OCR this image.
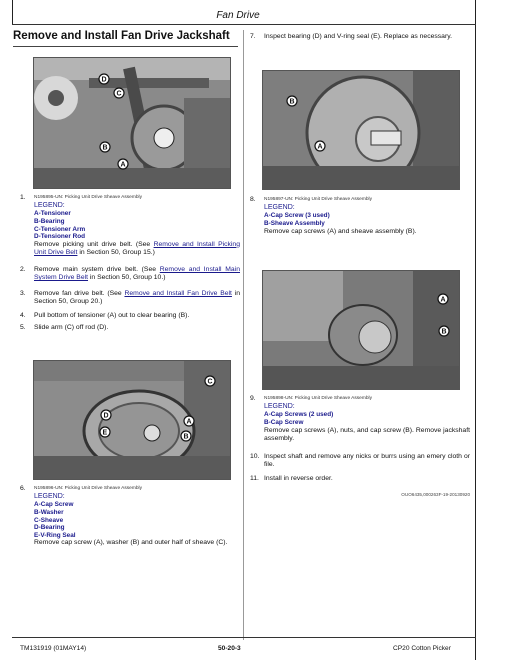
Fan Drive
Remove and Install Fan Drive Jackshaft
D
C
B
A
1. N195895-UN: Picking Unit Drive Sheave Assembly
LEGEND:
A-Tensioner
B-Bearing
C-Tensioner Arm
D-Tensioner Rod
Remove picking unit drive belt. (See Remove and Install Picking Unit Drive Belt in Section 50, Group 15.)
2. Remove main system drive belt. (See Remove and Install Main System Drive Belt in Section 50, Group 10.)
3. Remove fan drive belt. (See Remove and Install Fan Drive Belt in Section 50, Group 20.)
4. Pull bottom of tensioner (A) out to clear bearing (B).
5. Slide arm (C) off rod (D).
C
D
E
A
B
6. N195896-UN: Picking Unit Drive Sheave Assembly
LEGEND:
A-Cap Screw
B-Washer
C-Sheave
D-Bearing
E-V-Ring Seal
Remove cap screw (A), washer (B) and outer half of sheave (C).
7. Inspect bearing (D) and V-ring seal (E). Replace as necessary.
B
A
8. N195897-UN: Picking Unit Drive Sheave Assembly
LEGEND:
A-Cap Screw (3 used)
B-Sheave Assembly
Remove cap screws (A) and sheave assembly (B).
A
B
9. N195898-UN: Picking Unit Drive Sheave Assembly
LEGEND:
A-Cap Screws (2 used)
B-Cap Screw
Remove cap screws (A), nuts, and cap screw (B). Remove jackshaft assembly.
10. Inspect shaft and remove any nicks or burrs using an emery cloth or file.
11. Install in reverse order.
OUO6435,000263F-19-20130920
TM131919 (01MAY14)	50-20-3	CP20 Cotton Picker
